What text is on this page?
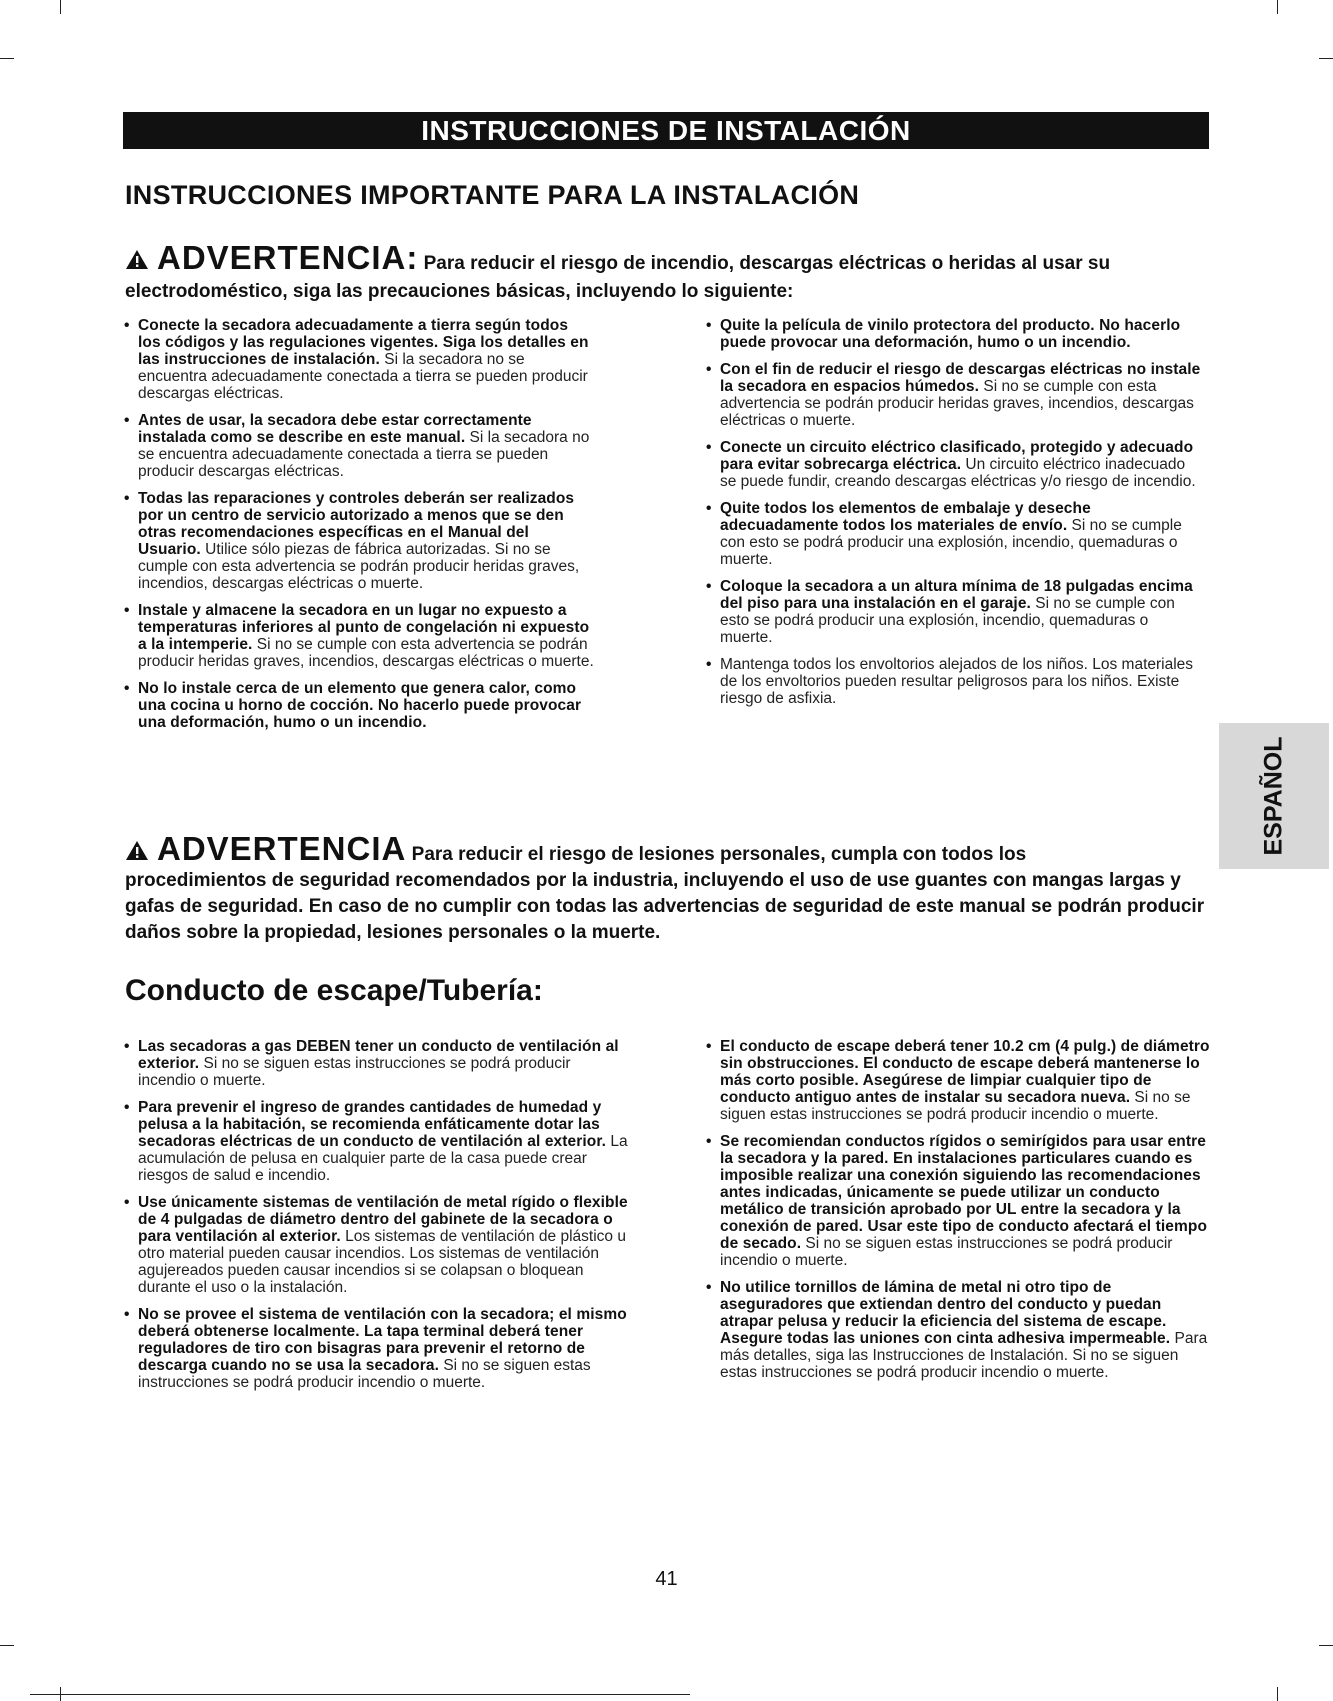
INSTRUCCIONES DE INSTALACIÓN
INSTRUCCIONES IMPORTANTE PARA LA INSTALACIÓN
ADVERTENCIA: Para reducir el riesgo de incendio, descargas eléctricas o heridas al usar su
electrodoméstico, siga las precauciones básicas, incluyendo lo siguiente:
• Conecte la secadora adecuadamente a tierra según todos los códigos y las regulaciones vigentes. Siga los detalles en las instrucciones de instalación. Si la secadora no se encuentra adecuadamente conectada a tierra se pueden producir descargas eléctricas.
• Antes de usar, la secadora debe estar correctamente instalada como se describe en este manual. Si la secadora no se encuentra adecuadamente conectada a tierra se pueden producir descargas eléctricas.
• Todas las reparaciones y controles deberán ser realizados por un centro de servicio autorizado a menos que se den otras recomendaciones específicas en el Manual del Usuario. Utilice sólo piezas de fábrica autorizadas. Si no se cumple con esta advertencia se podrán producir heridas graves, incendios, descargas eléctricas o muerte.
• Instale y almacene la secadora en un lugar no expuesto a temperaturas inferiores al punto de congelación ni expuesto a la intemperie. Si no se cumple con esta advertencia se podrán producir heridas graves, incendios, descargas eléctricas o muerte.
• No lo instale cerca de un elemento que genera calor, como una cocina u horno de cocción. No hacerlo puede provocar una deformación, humo o un incendio.
• Quite la película de vinilo protectora del producto. No hacerlo puede provocar una deformación, humo o un incendio.
• Con el fin de reducir el riesgo de descargas eléctricas no instale la secadora en espacios húmedos. Si no se cumple con esta advertencia se podrán producir heridas graves, incendios, descargas eléctricas o muerte.
• Conecte un circuito eléctrico clasificado, protegido y adecuado para evitar sobrecarga eléctrica. Un circuito eléctrico inadecuado se puede fundir, creando descargas eléctricas y/o riesgo de incendio.
• Quite todos los elementos de embalaje y deseche adecuadamente todos los materiales de envío. Si no se cumple con esto se podrá producir una explosión, incendio, quemaduras o muerte.
• Coloque la secadora a un altura mínima de 18 pulgadas encima del piso para una instalación en el garaje. Si no se cumple con esto se podrá producir una explosión, incendio, quemaduras o muerte.
• Mantenga todos los envoltorios alejados de los niños. Los materiales de los envoltorios pueden resultar peligrosos para los niños. Existe riesgo de asfixia.
ESPAÑOL
ADVERTENCIA Para reducir el riesgo de lesiones personales, cumpla con todos los
procedimientos de seguridad recomendados por la industria, incluyendo el uso de use guantes con mangas largas y gafas de seguridad. En caso de no cumplir con todas las advertencias de seguridad de este manual se podrán producir daños sobre la propiedad, lesiones personales o la muerte.
Conducto de escape/Tubería:
• Las secadoras a gas DEBEN tener un conducto de ventilación al exterior. Si no se siguen estas instrucciones se podrá producir incendio o muerte.
• Para prevenir el ingreso de grandes cantidades de humedad y pelusa a la habitación, se recomienda enfáticamente dotar las secadoras eléctricas de un conducto de ventilación al exterior. La acumulación de pelusa en cualquier parte de la casa puede crear riesgos de salud e incendio.
• Use únicamente sistemas de ventilación de metal rígido o flexible de 4 pulgadas de diámetro dentro del gabinete de la secadora o para ventilación al exterior. Los sistemas de ventilación de plástico u otro material pueden causar incendios. Los sistemas de ventilación agujereados pueden causar incendios si se colapsan o bloquean durante el uso o la instalación.
• No se provee el sistema de ventilación con la secadora; el mismo deberá obtenerse localmente. La tapa terminal deberá tener reguladores de tiro con bisagras para prevenir el retorno de descarga cuando no se usa la secadora. Si no se siguen estas instrucciones se podrá producir incendio o muerte.
• El conducto de escape deberá tener 10.2 cm (4 pulg.) de diámetro sin obstrucciones. El conducto de escape deberá mantenerse lo más corto posible. Asegúrese de limpiar cualquier tipo de conducto antiguo antes de instalar su secadora nueva. Si no se siguen estas instrucciones se podrá producir incendio o muerte.
• Se recomiendan conductos rígidos o semirígidos para usar entre la secadora y la pared. En instalaciones particulares cuando es imposible realizar una conexión siguiendo las recomendaciones antes indicadas, únicamente se puede utilizar un conducto metálico de transición aprobado por UL entre la secadora y la conexión de pared. Usar este tipo de conducto afectará el tiempo de secado. Si no se siguen estas instrucciones se podrá producir incendio o muerte.
• No utilice tornillos de lámina de metal ni otro tipo de aseguradores que extiendan dentro del conducto y puedan atrapar pelusa y reducir la eficiencia del sistema de escape. Asegure todas las uniones con cinta adhesiva impermeable. Para más detalles, siga las Instrucciones de Instalación. Si no se siguen estas instrucciones se podrá producir incendio o muerte.
41
